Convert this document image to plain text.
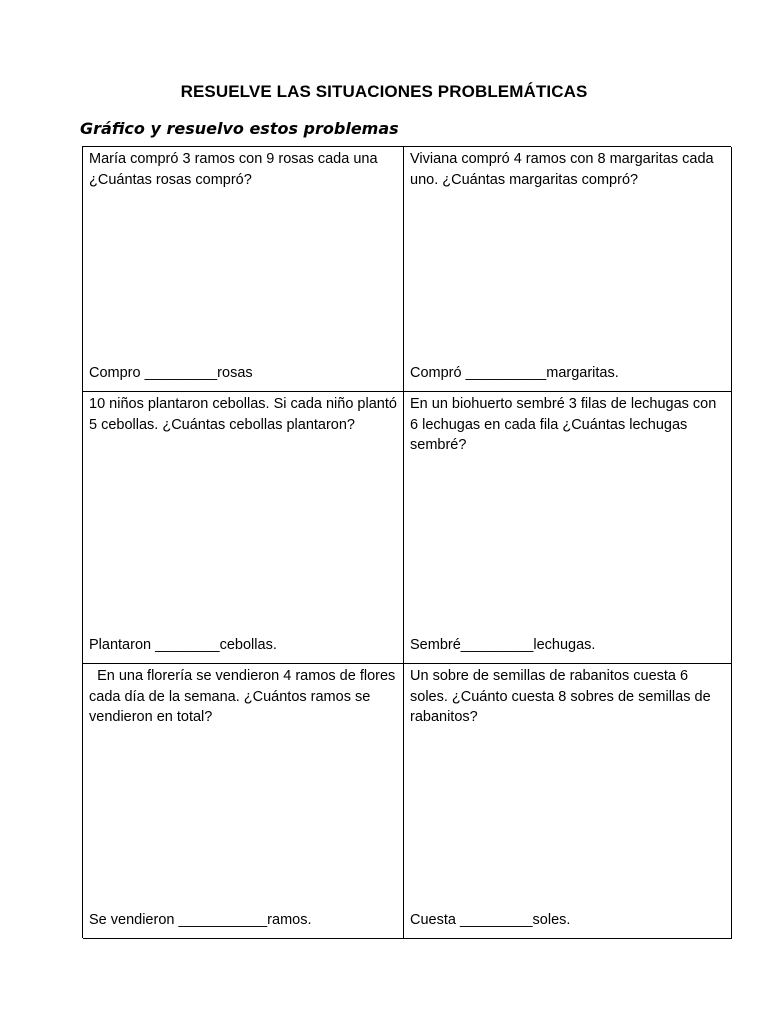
RESUELVE LAS SITUACIONES PROBLEMÁTICAS
Gráfico y resuelvo estos problemas
María compró 3 ramos con 9 rosas cada una ¿Cuántas rosas compró?
Compro _________rosas
Viviana compró 4 ramos con 8 margaritas cada uno. ¿Cuántas margaritas compró?
Compró __________margaritas.
10 niños plantaron cebollas. Si cada niño plantó 5 cebollas. ¿Cuántas cebollas plantaron?
Plantaron ________cebollas.
En un biohuerto sembré 3 filas de lechugas con 6 lechugas en cada fila ¿Cuántas lechugas sembré?
Sembré_________lechugas.
En una florería se vendieron 4 ramos de flores cada día de la semana. ¿Cuántos ramos se vendieron en total?
Se vendieron ___________ramos.
Un sobre de semillas de rabanitos cuesta 6 soles. ¿Cuánto cuesta 8 sobres de semillas de rabanitos?
Cuesta _________soles.
